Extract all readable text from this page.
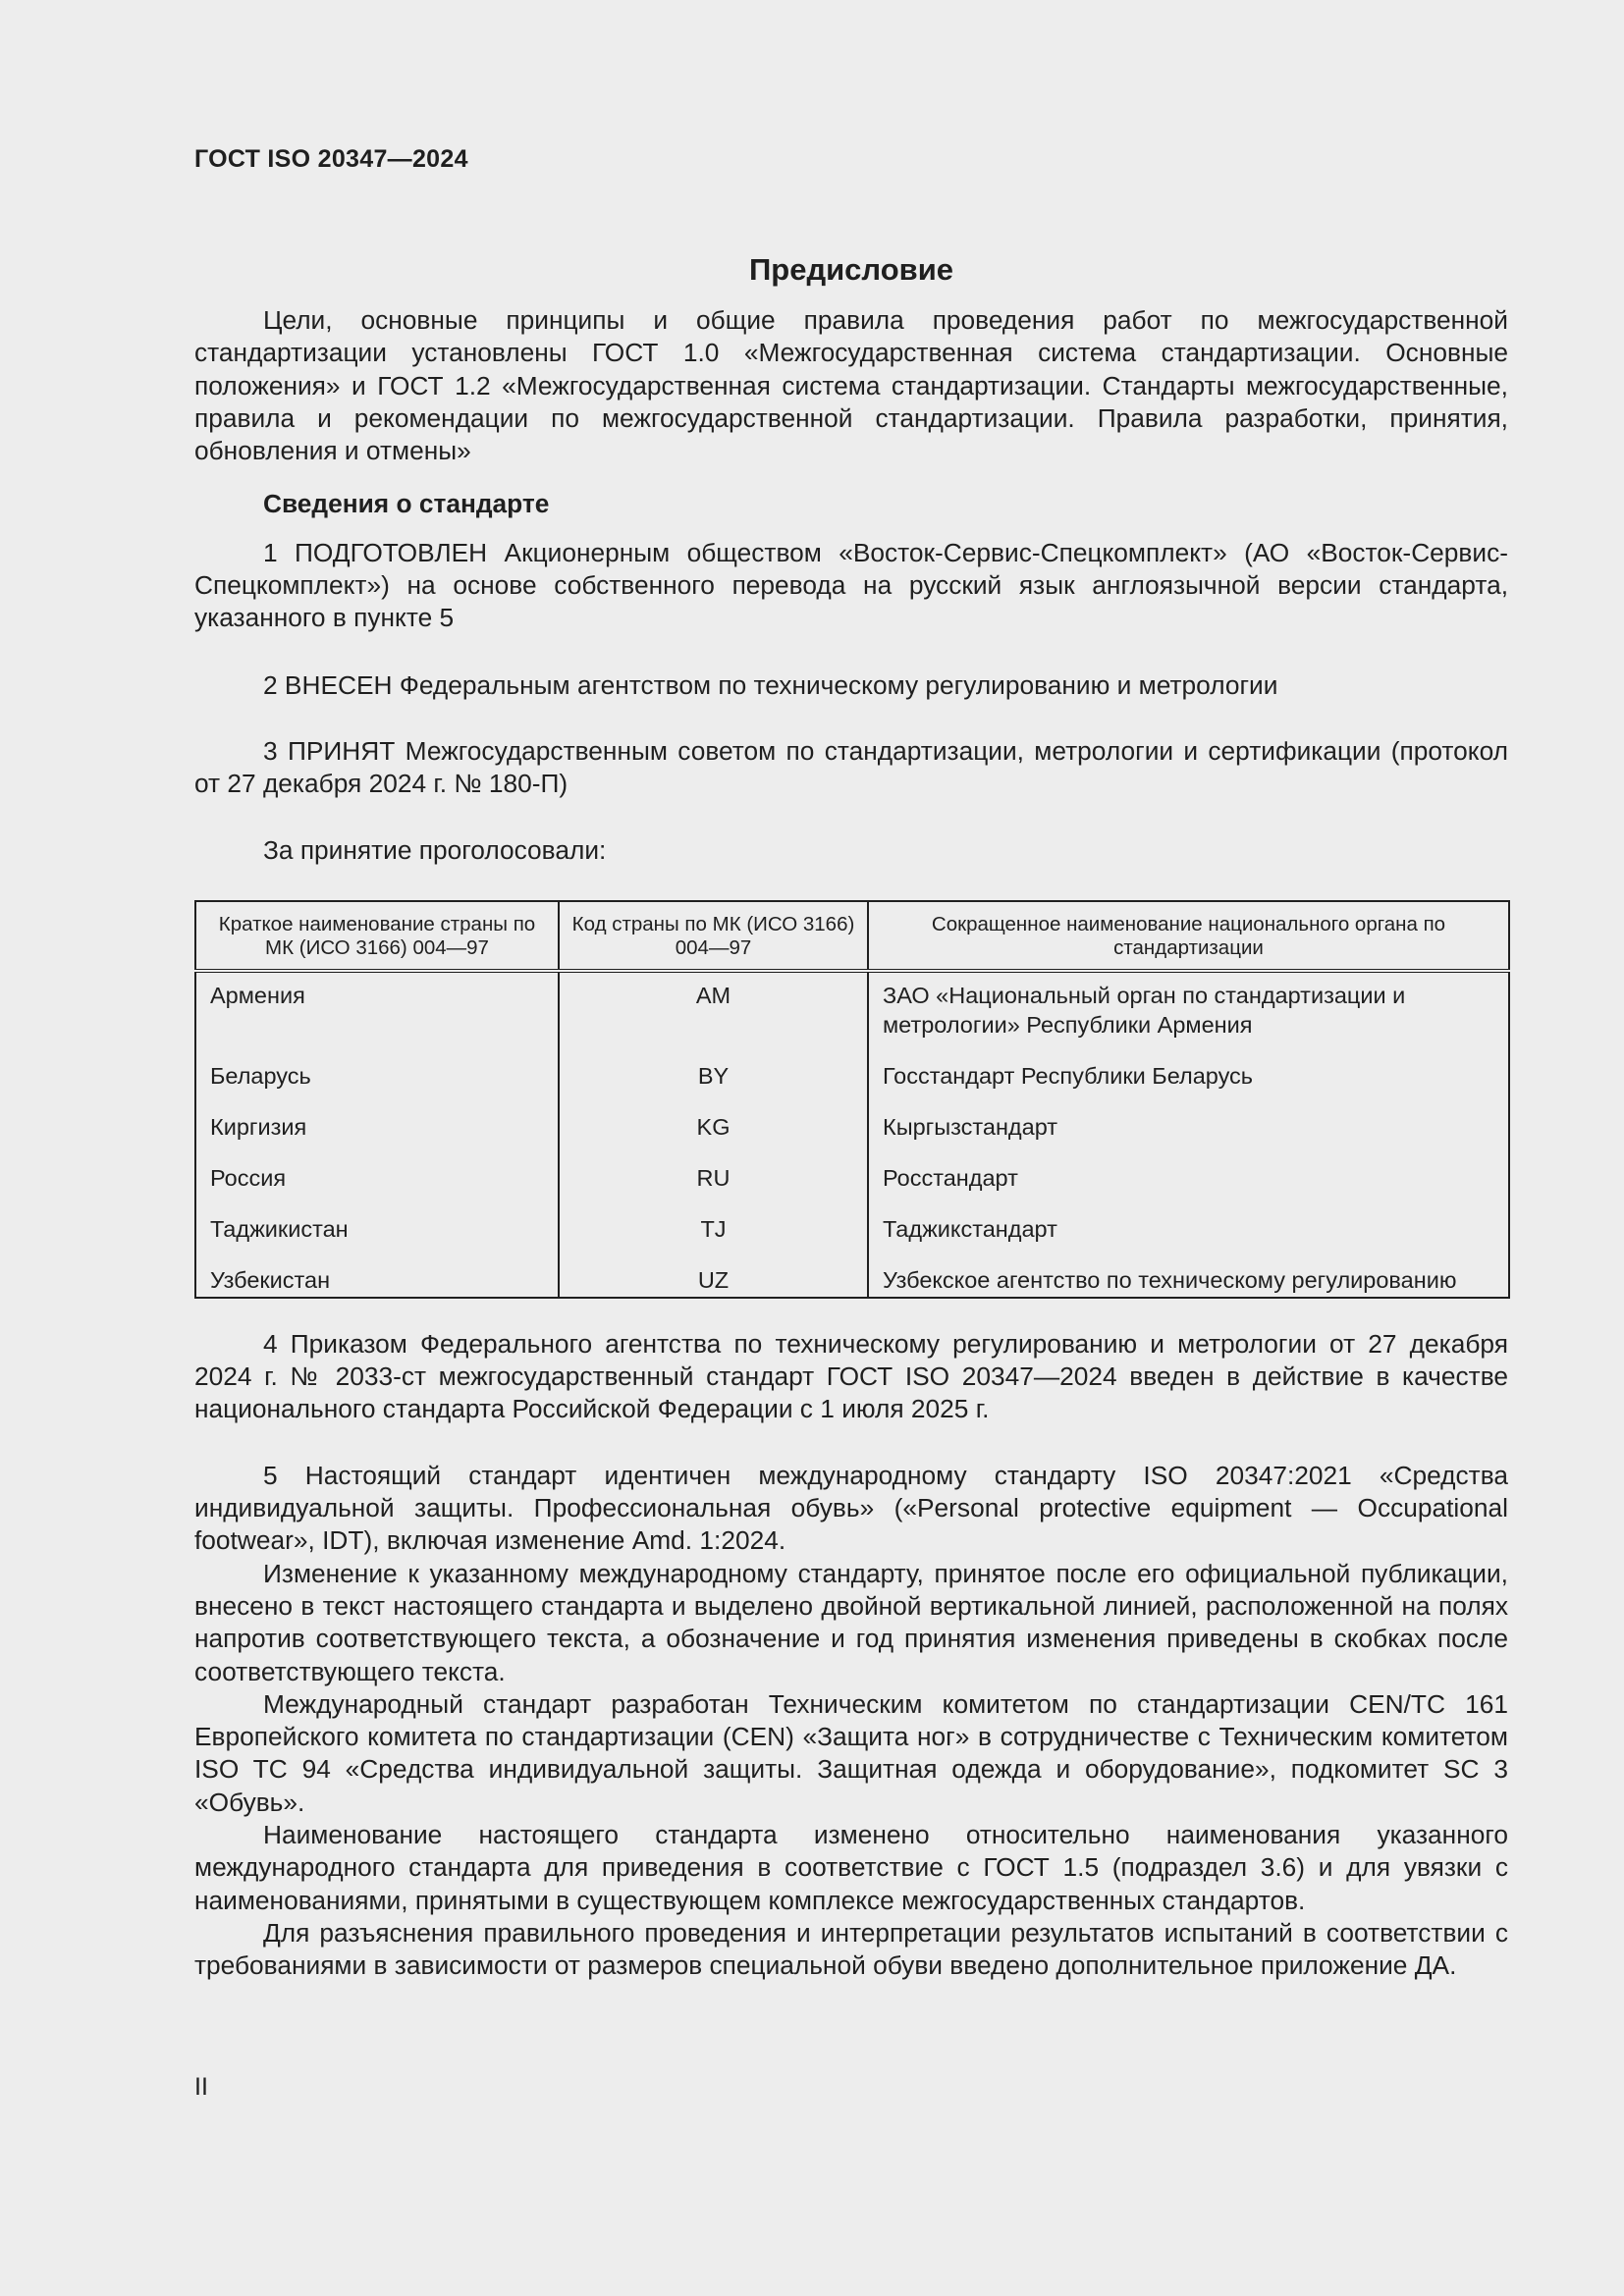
ГОСТ ISO 20347—2024
Предисловие

Цели, основные принципы и общие правила проведения работ по межгосударственной стандартизации установлены ГОСТ 1.0 «Межгосударственная система стандартизации. Основные положения» и ГОСТ 1.2 «Межгосударственная система стандартизации. Стандарты межгосударственные, правила и рекомендации по межгосударственной стандартизации. Правила разработки, принятия, обновления и отмены»

Сведения о стандарте

1 ПОДГОТОВЛЕН Акционерным обществом «Восток-Сервис-Спецкомплект» (АО «Восток-Сервис-Спецкомплект») на основе собственного перевода на русский язык англоязычной версии стандарта, указанного в пункте 5

2 ВНЕСЕН Федеральным агентством по техническому регулированию и метрологии

3 ПРИНЯТ Межгосударственным советом по стандартизации, метрологии и сертификации (протокол от 27 декабря 2024 г. № 180-П)

За принятие проголосовали:

Краткое наименование страны по МК (ИСО 3166) 004—97	Код страны по МК (ИСО 3166) 004—97	Сокращенное наименование национального органа по стандартизации
Армения	AM	ЗАО «Национальный орган по стандартизации и метрологии» Республики Армения
Беларусь	BY	Госстандарт Республики Беларусь
Киргизия	KG	Кыргызстандарт
Россия	RU	Росстандарт
Таджикистан	TJ	Таджикстандарт
Узбекистан	UZ	Узбекское агентство по техническому регулированию

4 Приказом Федерального агентства по техническому регулированию и метрологии от 27 декабря 2024 г. № 2033-ст межгосударственный стандарт ГОСТ ISO 20347—2024 введен в действие в качестве национального стандарта Российской Федерации с 1 июля 2025 г.

5 Настоящий стандарт идентичен международному стандарту ISO 20347:2021 «Средства индивидуальной защиты. Профессиональная обувь» («Personal protective equipment — Occupational footwear», IDT), включая изменение Amd. 1:2024.

Изменение к указанному международному стандарту, принятое после его официальной публикации, внесено в текст настоящего стандарта и выделено двойной вертикальной линией, расположенной на полях напротив соответствующего текста, а обозначение и год принятия изменения приведены в скобках после соответствующего текста.

Международный стандарт разработан Техническим комитетом по стандартизации CEN/TC 161 Европейского комитета по стандартизации (CEN) «Защита ног» в сотрудничестве с Техническим комитетом ISO TC 94 «Средства индивидуальной защиты. Защитная одежда и оборудование», подкомитет SC 3 «Обувь».

Наименование настоящего стандарта изменено относительно наименования указанного международного стандарта для приведения в соответствие с ГОСТ 1.5 (подраздел 3.6) и для увязки с наименованиями, принятыми в существующем комплексе межгосударственных стандартов.

Для разъяснения правильного проведения и интерпретации результатов испытаний в соответствии с требованиями в зависимости от размеров специальной обуви введено дополнительное приложение ДА.

II
